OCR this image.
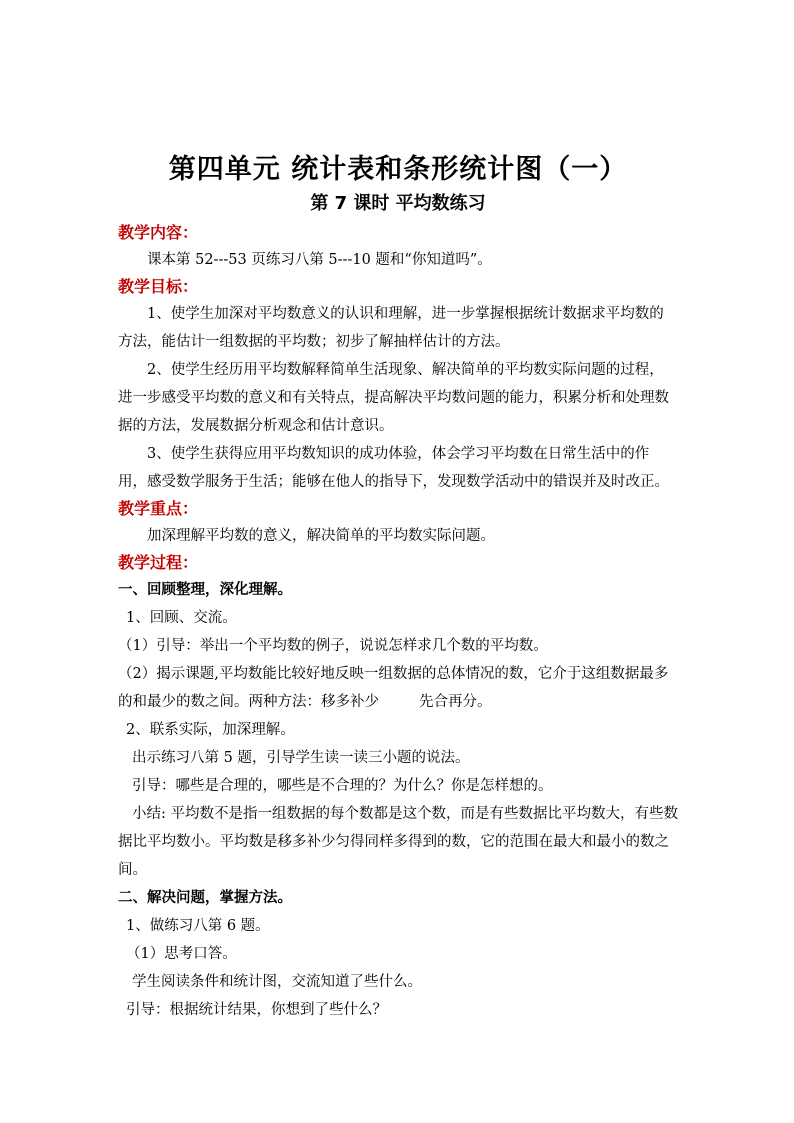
第四单元 统计表和条形统计图（一）
第 7 课时 平均数练习
教学内容：

课本第 52---53 页练习八第 5---10 题和“你知道吗”。

教学目标：

1、使学生加深对平均数意义的认识和理解，进一步掌握根据统计数据求平均数的方法，能估计一组数据的平均数；初步了解抽样估计的方法。

2、使学生经历用平均数解释简单生活现象、解决简单的平均数实际问题的过程，进一步感受平均数的意义和有关特点，提高解决平均数问题的能力，积累分析和处理数据的方法，发展数据分析观念和估计意识。

3、使学生获得应用平均数知识的成功体验，体会学习平均数在日常生活中的作用，感受数学服务于生活；能够在他人的指导下，发现数学活动中的错误并及时改正。

教学重点：

加深理解平均数的意义，解决简单的平均数实际问题。

教学过程：

一、回顾整理，深化理解。

1、回顾、交流。

（1）引导：举出一个平均数的例子，说说怎样求几个数的平均数。

（2）揭示课题,平均数能比较好地反映一组数据的总体情况的数，它介于这组数据最多的和最少的数之间。两种方法：移多补少	先合再分。

2、联系实际，加深理解。

出示练习八第 5 题，引导学生读一读三小题的说法。

引导：哪些是合理的，哪些是不合理的？为什么？你是怎样想的。

小结: 平均数不是指一组数据的每个数都是这个数，而是有些数据比平均数大，有些数据比平均数小。平均数是移多补少匀得同样多得到的数，它的范围在最大和最小的数之间。

二、解决问题，掌握方法。

1、做练习八第 6 题。

（1）思考口答。

学生阅读条件和统计图，交流知道了些什么。

引导：根据统计结果，你想到了些什么？
